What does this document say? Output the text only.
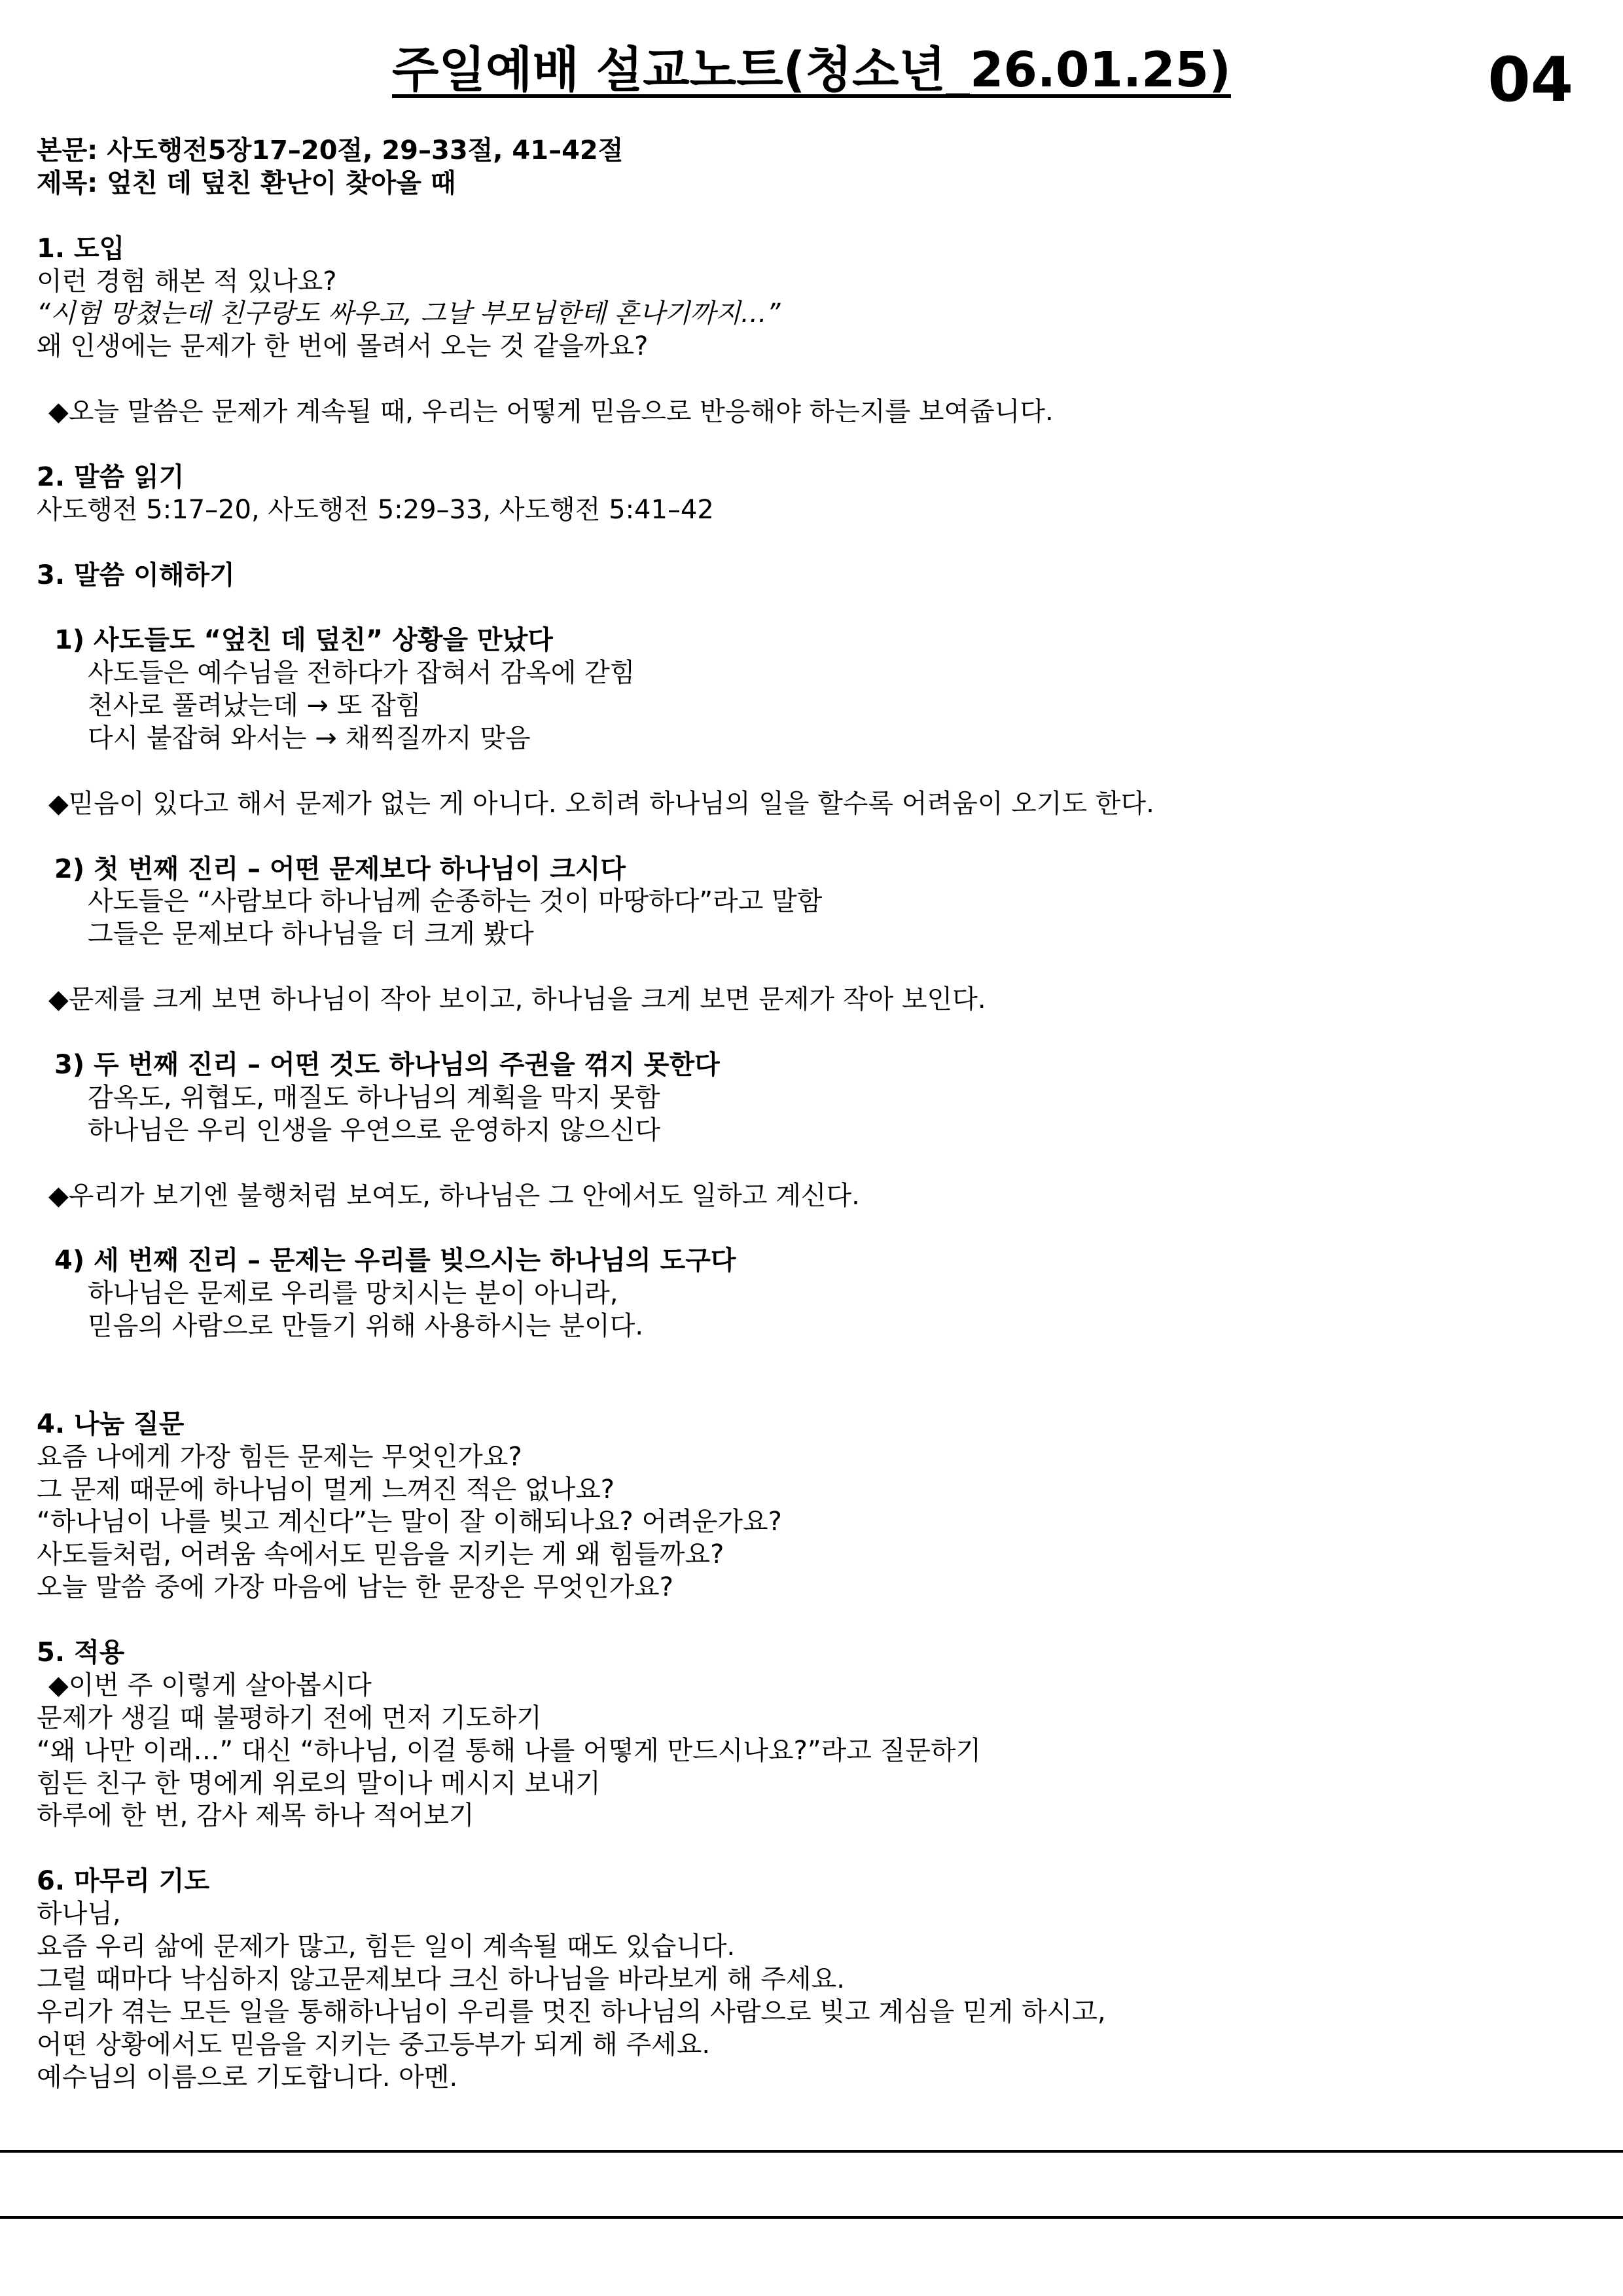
주일예배 설교노트(청소년_26.01.25)	04
본문: 사도행전5장17–20절, 29–33절, 41–42절
제목: 엎친 데 덮친 환난이 찾아올 때
1. 도입
이런 경험 해본 적 있나요?
“시험 망쳤는데 친구랑도 싸우고, 그날 부모님한테 혼나기까지…”
왜 인생에는 문제가 한 번에 몰려서 오는 것 같을까요?
◆오늘 말씀은 문제가 계속될 때, 우리는 어떻게 믿음으로 반응해야 하는지를 보여줍니다.
2. 말씀 읽기
사도행전 5:17–20, 사도행전 5:29–33, 사도행전 5:41–42
3. 말씀 이해하기
1) 사도들도 “엎친 데 덮친” 상황을 만났다
사도들은 예수님을 전하다가 잡혀서 감옥에 갇힘
천사로 풀려났는데 → 또 잡힘
다시 붙잡혀 와서는 → 채찍질까지 맞음
◆믿음이 있다고 해서 문제가 없는 게 아니다. 오히려 하나님의 일을 할수록 어려움이 오기도 한다.
2) 첫 번째 진리 – 어떤 문제보다 하나님이 크시다
사도들은 “사람보다 하나님께 순종하는 것이 마땅하다”라고 말함
그들은 문제보다 하나님을 더 크게 봤다
◆문제를 크게 보면 하나님이 작아 보이고, 하나님을 크게 보면 문제가 작아 보인다.
3) 두 번째 진리 – 어떤 것도 하나님의 주권을 꺾지 못한다
감옥도, 위협도, 매질도 하나님의 계획을 막지 못함
하나님은 우리 인생을 우연으로 운영하지 않으신다
◆우리가 보기엔 불행처럼 보여도, 하나님은 그 안에서도 일하고 계신다.
4) 세 번째 진리 – 문제는 우리를 빚으시는 하나님의 도구다
하나님은 문제로 우리를 망치시는 분이 아니라,
믿음의 사람으로 만들기 위해 사용하시는 분이다.
4. 나눔 질문
요즘 나에게 가장 힘든 문제는 무엇인가요?
그 문제 때문에 하나님이 멀게 느껴진 적은 없나요?
“하나님이 나를 빚고 계신다”는 말이 잘 이해되나요? 어려운가요?
사도들처럼, 어려움 속에서도 믿음을 지키는 게 왜 힘들까요?
오늘 말씀 중에 가장 마음에 남는 한 문장은 무엇인가요?
5. 적용
◆이번 주 이렇게 살아봅시다
문제가 생길 때 불평하기 전에 먼저 기도하기
“왜 나만 이래…” 대신 “하나님, 이걸 통해 나를 어떻게 만드시나요?”라고 질문하기
힘든 친구 한 명에게 위로의 말이나 메시지 보내기
하루에 한 번, 감사 제목 하나 적어보기
6. 마무리 기도
하나님,
요즘 우리 삶에 문제가 많고, 힘든 일이 계속될 때도 있습니다.
그럴 때마다 낙심하지 않고문제보다 크신 하나님을 바라보게 해 주세요.
우리가 겪는 모든 일을 통해하나님이 우리를 멋진 하나님의 사람으로 빚고 계심을 믿게 하시고,
어떤 상황에서도 믿음을 지키는 중고등부가 되게 해 주세요.
예수님의 이름으로 기도합니다. 아멘.
